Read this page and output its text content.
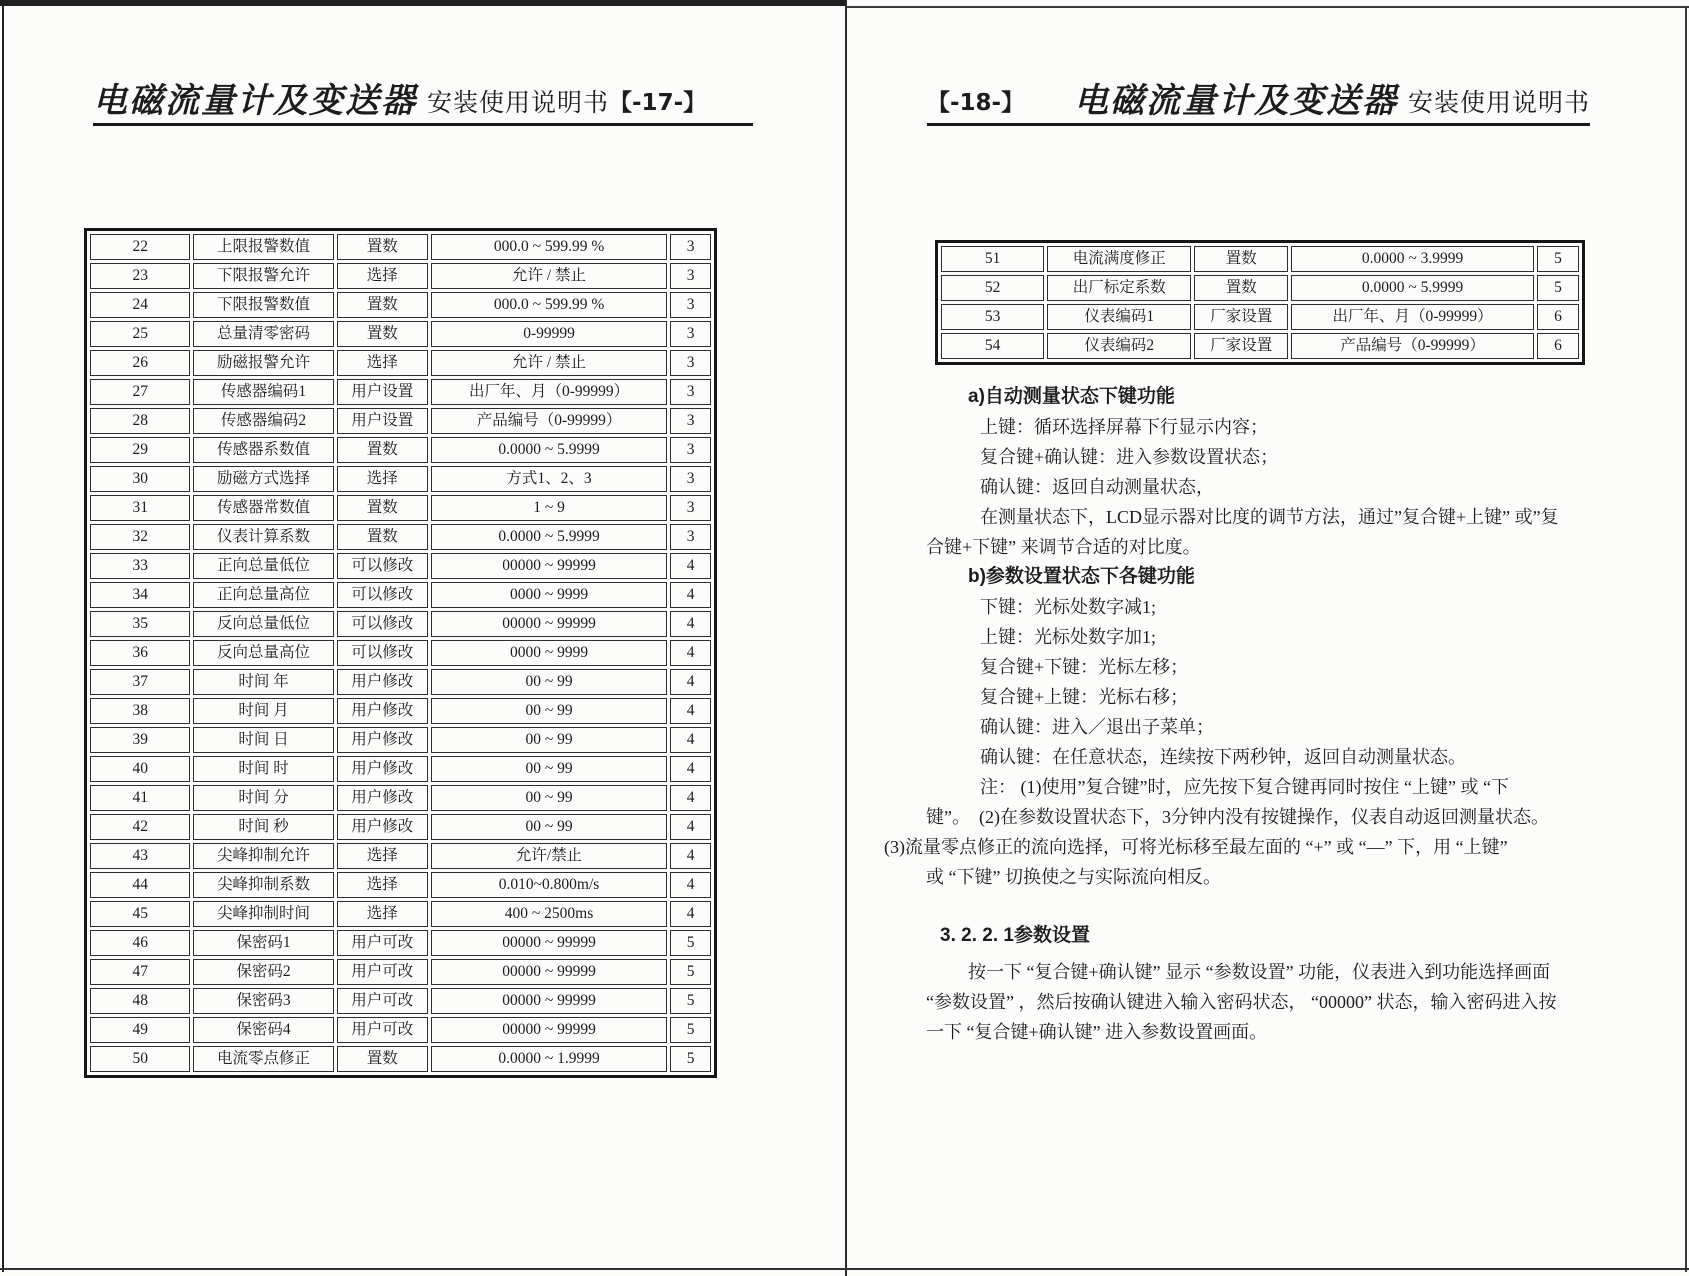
电磁流量计及变送器 安装使用说明书 【-17-】
22	上限报警数值	置数	000.0 ~ 599.99 %	3
23	下限报警允许	选择	允许 / 禁止	3
24	下限报警数值	置数	000.0 ~ 599.99 %	3
25	总量清零密码	置数	0-99999	3
26	励磁报警允许	选择	允许 / 禁止	3
27	传感器编码1	用户设置	出厂年、月（0-99999）	3
28	传感器编码2	用户设置	产品编号（0-99999）	3
29	传感器系数值	置数	0.0000 ~ 5.9999	3
30	励磁方式选择	选择	方式1、2、3	3
31	传感器常数值	置数	1 ~ 9	3
32	仪表计算系数	置数	0.0000 ~ 5.9999	3
33	正向总量低位	可以修改	00000 ~ 99999	4
34	正向总量高位	可以修改	0000 ~ 9999	4
35	反向总量低位	可以修改	00000 ~ 99999	4
36	反向总量高位	可以修改	0000 ~ 9999	4
37	时间 年	用户修改	00 ~ 99	4
38	时间 月	用户修改	00 ~ 99	4
39	时间 日	用户修改	00 ~ 99	4
40	时间 时	用户修改	00 ~ 99	4
41	时间 分	用户修改	00 ~ 99	4
42	时间 秒	用户修改	00 ~ 99	4
43	尖峰抑制允许	选择	允许/禁止	4
44	尖峰抑制系数	选择	0.010~0.800m/s	4
45	尖峰抑制时间	选择	400 ~ 2500ms	4
46	保密码1	用户可改	00000 ~ 99999	5
47	保密码2	用户可改	00000 ~ 99999	5
48	保密码3	用户可改	00000 ~ 99999	5
49	保密码4	用户可改	00000 ~ 99999	5
50	电流零点修正	置数	0.0000 ~ 1.9999	5
【-18-】 电磁流量计及变送器 安装使用说明书
51	电流满度修正	置数	0.0000 ~ 3.9999	5
52	出厂标定系数	置数	0.0000 ~ 5.9999	5
53	仪表编码1	厂家设置	出厂年、月（0-99999）	6
54	仪表编码2	厂家设置	产品编号（0-99999）	6
a)自动测量状态下键功能
上键：循环选择屏幕下行显示内容；
复合键+确认键：进入参数设置状态；
确认键：返回自动测量状态，
在测量状态下，LCD显示器对比度的调节方法，通过”复合键+上键” 或”复
合键+下键” 来调节合适的对比度。
b)参数设置状态下各键功能
下键：光标处数字减1;
上键：光标处数字加1;
复合键+下键：光标左移；
复合键+上键：光标右移；
确认键：进入／退出子菜单；
确认键：在任意状态，连续按下两秒钟，返回自动测量状态。
注： (1)使用”复合键”时，应先按下复合键再同时按住 “上键” 或 “下
键”。　(2)在参数设置状态下，3分钟内没有按键操作，仪表自动返回测量状态。
(3)流量零点修正的流向选择，可将光标移至最左面的 “+” 或 “—” 下，用 “上键”
或 “下键” 切换使之与实际流向相反。
3. 2. 2. 1参数设置
按一下 “复合键+确认键” 显示 “参数设置” 功能，仪表进入到功能选择画面
“参数设置” ，然后按确认键进入输入密码状态， “00000” 状态，输入密码进入按
一下 “复合键+确认键” 进入参数设置画面。
